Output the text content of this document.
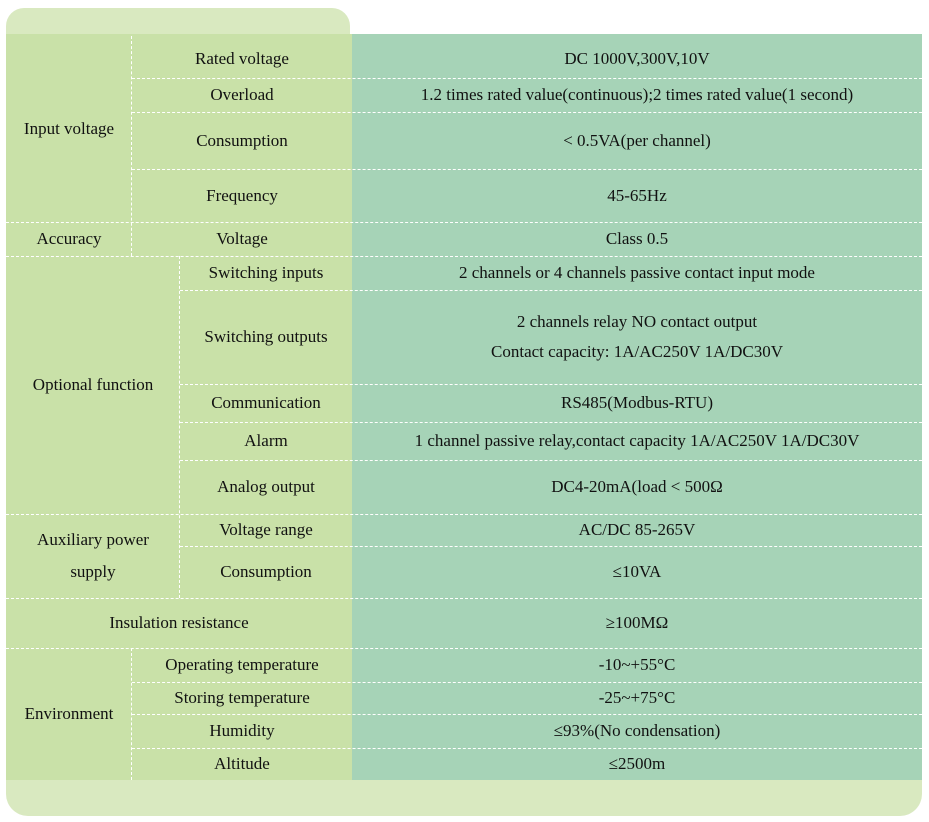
Input voltage
Accuracy
Optional function
Auxiliary power
supply
Insulation resistance
Environment
Rated voltage
Overload
Consumption
Frequency
Voltage
Switching inputs
Switching outputs
Communication
Alarm
Analog output
Voltage range
Consumption
Operating temperature
Storing temperature
Humidity
Altitude
DC 1000V,300V,10V
1.2 times rated value(continuous);2 times rated value(1 second)
< 0.5VA(per channel)
45-65Hz
Class 0.5
2 channels or 4 channels passive contact input mode
2 channels relay NO contact output
Contact capacity: 1A/AC250V 1A/DC30V
RS485(Modbus-RTU)
1 channel passive relay,contact capacity 1A/AC250V 1A/DC30V
DC4-20mA(load < 500Ω
AC/DC 85-265V
≤10VA
≥100MΩ
-10~+55°C
-25~+75°C
≤93%(No condensation)
≤2500m
